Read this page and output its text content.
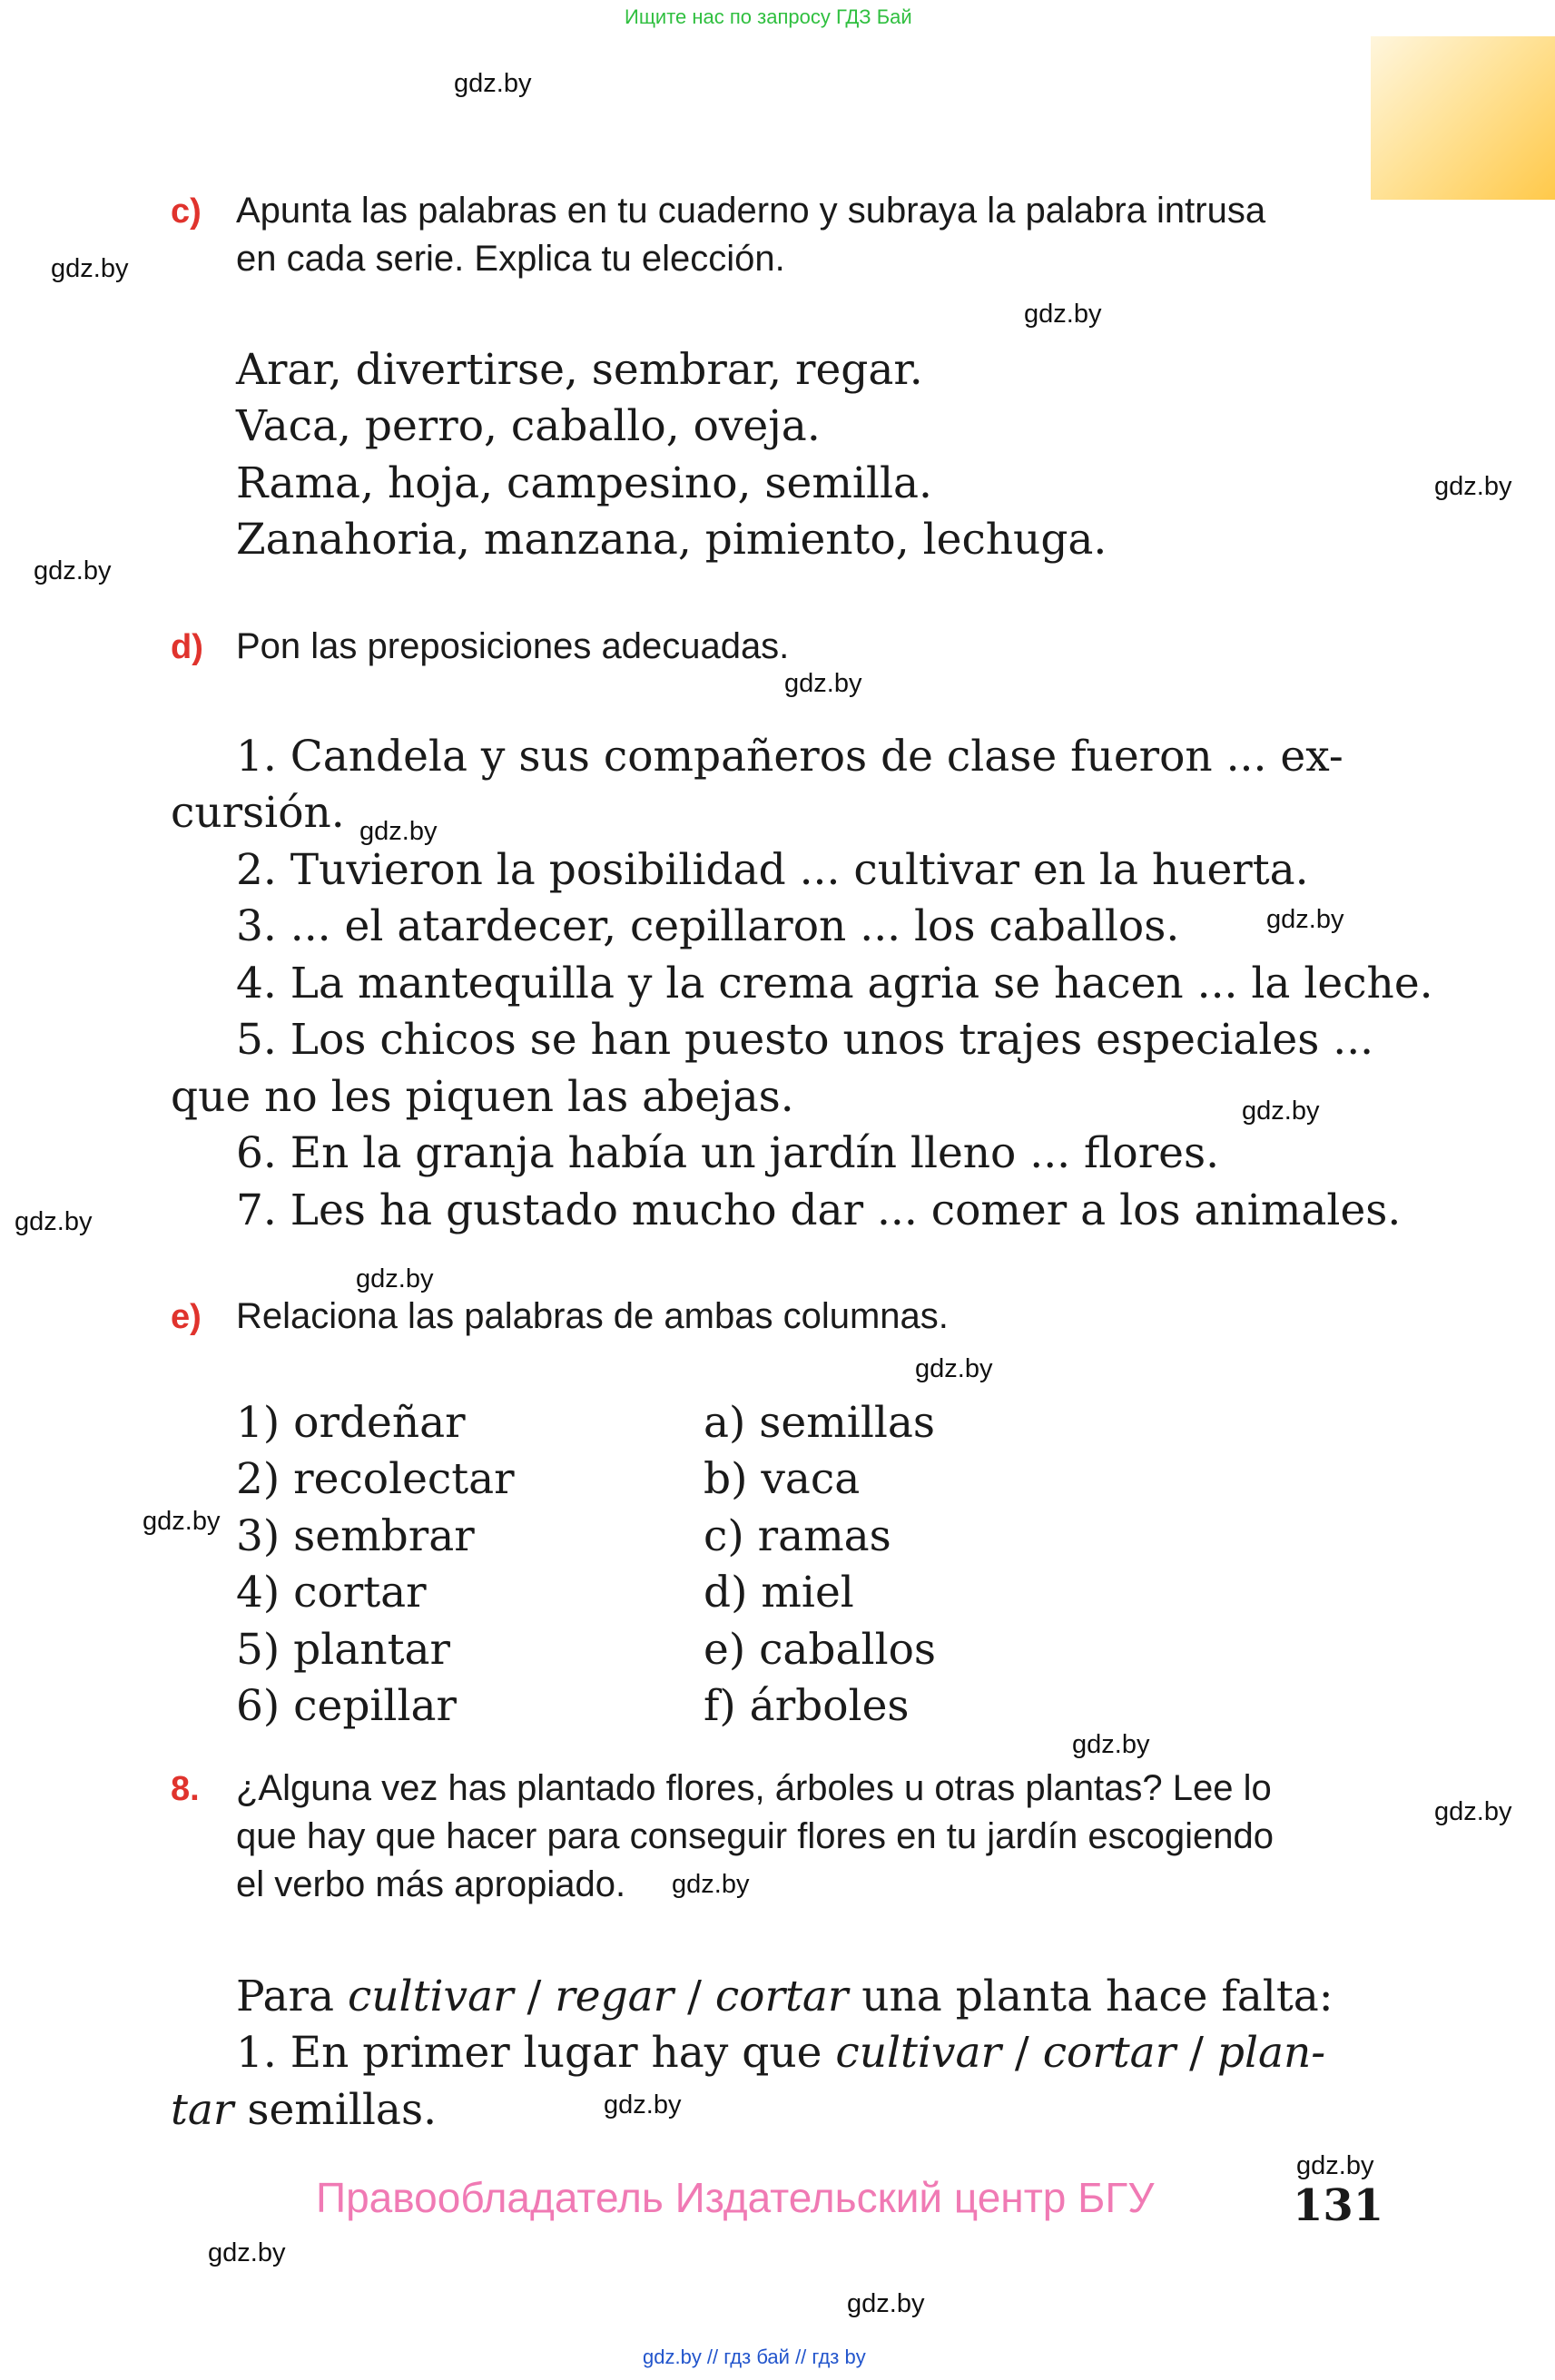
Ищите нас по запросу ГДЗ Бай
gdz.by
gdz.by
gdz.by
gdz.by
gdz.by
gdz.by
gdz.by
gdz.by
gdz.by
gdz.by
gdz.by
gdz.by
gdz.by
gdz.by
gdz.by
gdz.by
gdz.by
gdz.by
gdz.by
gdz.by
c) Apunta las palabras en tu cuaderno y subraya la palabra intrusa
en cada serie. Explica tu elección.
Arar, divertirse, sembrar, regar.
Vaca, perro, caballo, oveja.
Rama, hoja, campesino, semilla.
Zanahoria, manzana, pimiento, lechuga.
d) Pon las preposiciones adecuadas.
1. Candela y sus compañeros de clase fueron ... ex-
cursión.
2. Tuvieron la posibilidad ... cultivar en la huerta.
3. ... el atardecer, cepillaron ... los caballos.
4. La mantequilla y la crema agria se hacen ... la leche.
5. Los chicos se han puesto unos trajes especiales ...
que no les piquen las abejas.
6. En la granja había un jardín lleno ... flores.
7. Les ha gustado mucho dar ... comer a los animales.
e) Relaciona las palabras de ambas columnas.
1) ordeñar
2) recolectar
3) sembrar
4) cortar
5) plantar
6) cepillar
a) semillas
b) vaca
c) ramas
d) miel
e) caballos
f) árboles
8. ¿Alguna vez has plantado flores, árboles u otras plantas? Lee lo
que hay que hacer para conseguir flores en tu jardín escogiendo
el verbo más apropiado.
Para cultivar / regar / cortar una planta hace falta:
1. En primer lugar hay que cultivar / cortar / plan-
tar semillas.
Правообладатель Издательский центр БГУ	131
gdz.by // гдз бай // гдз by
